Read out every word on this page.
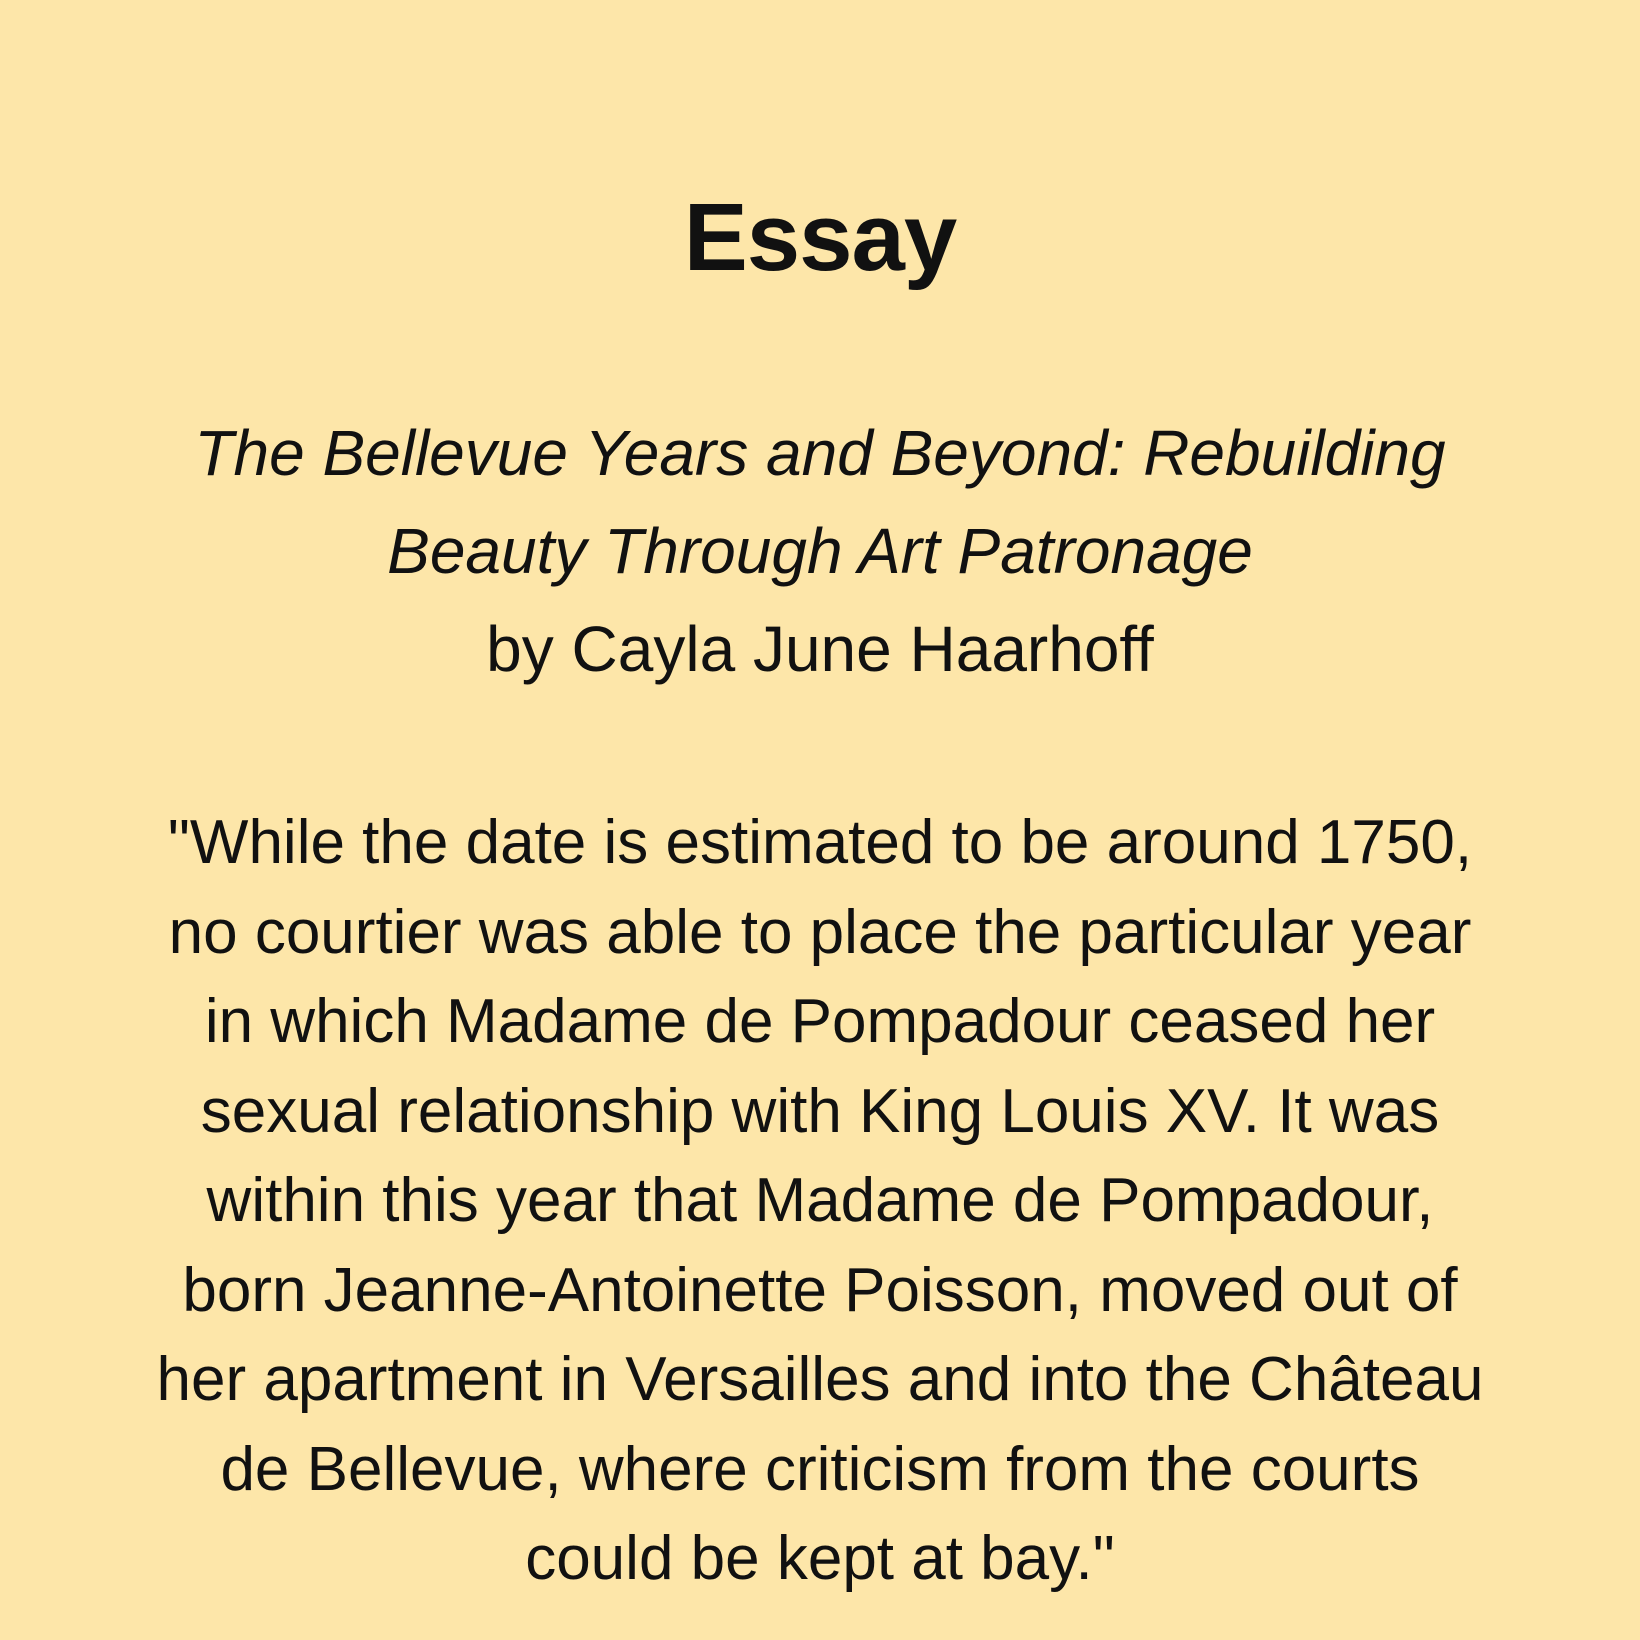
Essay
The Bellevue Years and Beyond: Rebuilding
Beauty Through Art Patronage
by Cayla June Haarhoff
"While the date is estimated to be around 1750,
no courtier was able to place the particular year
in which Madame de Pompadour ceased her
sexual relationship with King Louis XV. It was
within this year that Madame de Pompadour,
born Jeanne-Antoinette Poisson, moved out of
her apartment in Versailles and into the Château
de Bellevue, where criticism from the courts
could be kept at bay."
